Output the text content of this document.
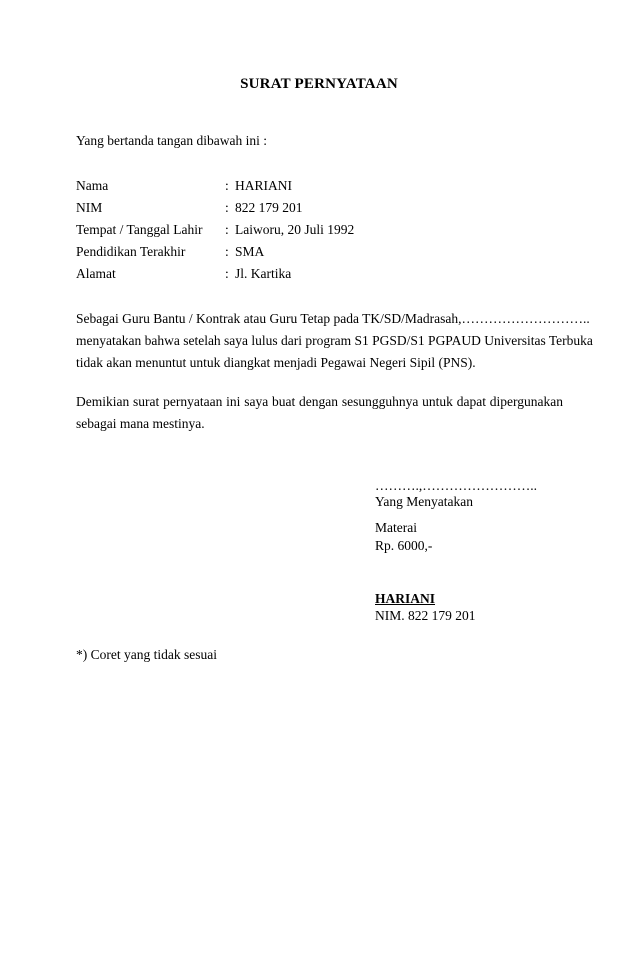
SURAT PERNYATAAN
Yang bertanda tangan dibawah ini :
Nama	: HARIANI
NIM	: 822 179 201
Tempat / Tanggal Lahir : Laiworu, 20 Juli 1992
Pendidikan Terakhir	: SMA
Alamat	: Jl. Kartika
Sebagai Guru Bantu / Kontrak atau Guru Tetap pada TK/SD/Madrasah,………………………..
menyatakan bahwa setelah saya lulus dari program S1 PGSD/S1 PGPAUD Universitas Terbuka
tidak akan menuntut untuk diangkat menjadi Pegawai Negeri Sipil (PNS).
Demikian surat pernyataan ini saya buat dengan sesungguhnya untuk dapat dipergunakan
sebagai mana mestinya.
……….,……………………..
Yang Menyatakan
Materai
Rp. 6000,-
HARIANI
NIM. 822 179 201
*) Coret yang tidak sesuai
